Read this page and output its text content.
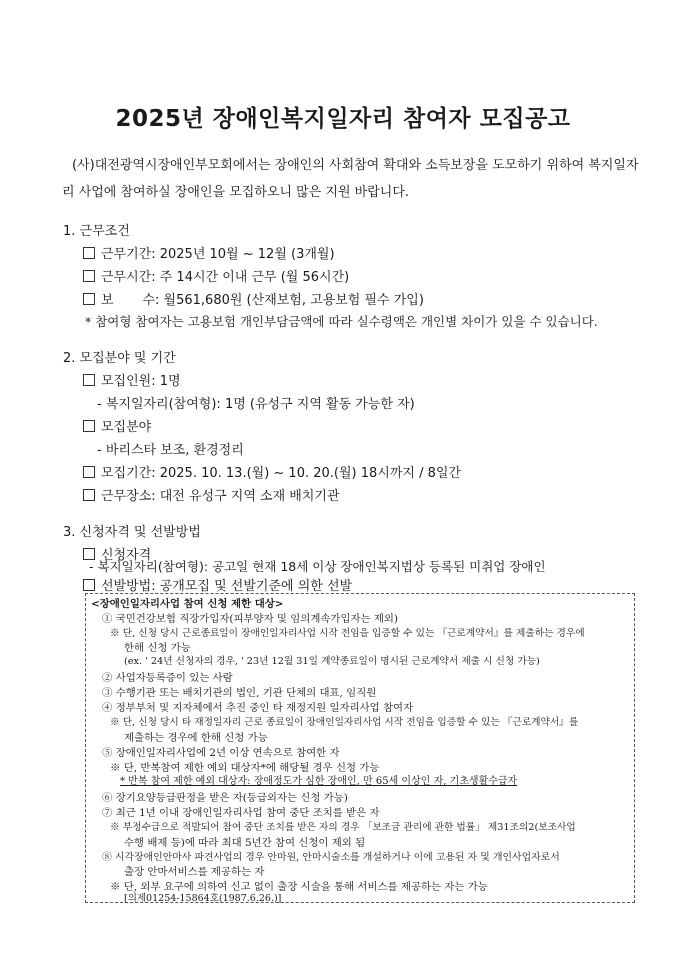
2025년 장애인복지일자리 참여자 모집공고
(사)대전광역시장애인부모회에서는 장애인의 사회참여 확대와 소득보장을 도모하기 위하여 복지일자리 사업에 참여하실 장애인을 모집하오니 많은 지원 바랍니다.
1. 근무조건
근무기간: 2025년 10월 ~ 12월 (3개월)
근무시간: 주 14시간 이내 근무 (월 56시간)
보       수: 월561,680원 (산재보험, 고용보험 필수 가입)
* 참여형 참여자는 고용보험 개인부담금액에 따라 실수령액은 개인별 차이가 있을 수 있습니다.
2. 모집분야 및 기간
모집인원: 1명
- 복지일자리(참여형): 1명 (유성구 지역 활동 가능한 자)
모집분야
- 바리스타 보조, 환경정리
모집기간: 2025. 10. 13.(월) ~ 10. 20.(월) 18시까지 / 8일간
근무장소: 대전 유성구 지역 소재 배치기관
3. 신청자격 및 선발방법
신청자격
- 복지일자리(참여형): 공고일 현재 18세 이상 장애인복지법상 등록된 미취업 장애인
선발방법: 공개모집 및 선발기준에 의한 선발
<장애인일자리사업 참여 신청 제한 대상>
① 국민건강보험 직장가입자(피부양자 및 임의계속가입자는 제외)
※ 단, 신청 당시 근로종료일이 장애인일자리사업 시작 전임을 입증할 수 있는 『근로계약서』를 제출하는 경우에
한해 신청 가능
(ex. ' 24년 신청자의 경우, ' 23년 12월 31일 계약종료일이 명시된 근로계약서 제출 시 신청 가능)
② 사업자등록증이 있는 사람
③ 수행기관 또는 배치기관의 법인, 기관 단체의 대표, 임직원
④ 정부부처 및 지자체에서 추진 중인 타 재정지원 일자리사업 참여자
※ 단, 신청 당시 타 재정일자리 근로 종료일이 장애인일자리사업 시작 전임을 입증할 수 있는 『근로계약서』를
제출하는 경우에 한해 신청 가능
⑤ 장애인일자리사업에 2년 이상 연속으로 참여한 자
※ 단, 반복참여 제한 예외 대상자*에 해당될 경우 신청 가능
* 반복 참여 제한 예외 대상자: 장애정도가 심한 장애인, 만 65세 이상인 자, 기초생활수급자
⑥ 장기요양등급판정을 받은 자(등급외자는 신청 가능)
⑦ 최근 1년 이내 장애인일자리사업 참여 중단 조치를 받은 자
※ 부정수급으로 적발되어 참여 중단 조치를 받은 자의 경우 「보조금 관리에 관한 법률」 제31조의2(보조사업
수행 배제 등)에 따라 최대 5년간 참여 신청이 제외 됨
⑧ 시각장애인안마사 파견사업의 경우 안마원, 안마시술소를 개설하거나 이에 고용된 자 및 개인사업자로서
출장 안마서비스를 제공하는 자
※ 단, 외부 요구에 의하여 신고 없이 출장 시술을 통해 서비스를 제공하는 자는 가능
[의제01254-15864호(1987.6.26.)]
